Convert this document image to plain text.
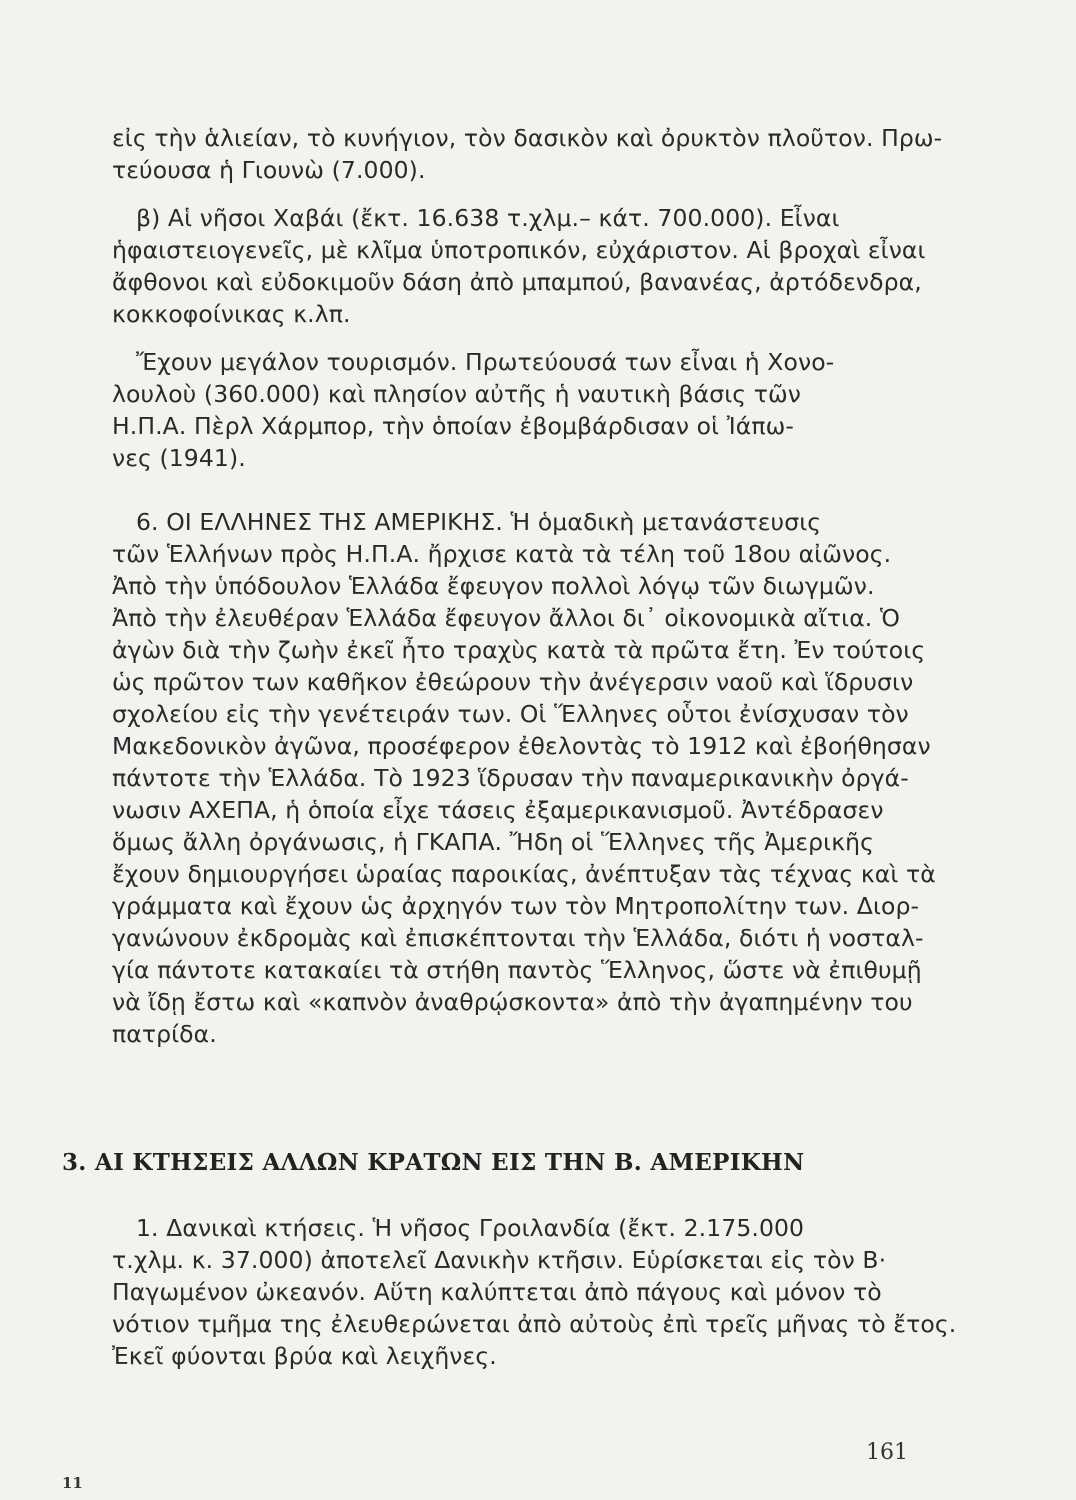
εἰς τὴν ἁλιείαν, τὸ κυνήγιον, τὸν δασικὸν καὶ ὀρυκτὸν πλοῦτον. Πρω-
τεύουσα ἡ Γιουνὼ (7.000).
β) Αἱ νῆσοι Χαβάι (ἔκτ. 16.638 τ.χλμ.– κάτ. 700.000). Εἶναι
ἡφαιστειογενεῖς, μὲ κλῖμα ὑποτροπικόν, εὐχάριστον. Αἱ βροχαὶ εἶναι
ἄφθονοι καὶ εὐδοκιμοῦν δάση ἀπὸ μπαμπού, βανανέας, ἀρτόδενδρα,
κοκκοφοίνικας κ.λπ.
Ἔχουν μεγάλον τουρισμόν. Πρωτεύουσά των εἶναι ἡ Χονο-
λουλοὺ (360.000) καὶ πλησίον αὐτῆς ἡ ναυτικὴ βάσις τῶν
Η.Π.Α. Πὲρλ Χάρμπορ, τὴν ὁποίαν ἐβομβάρδισαν οἱ Ἰάπω-
νες (1941).
6. ΟΙ ΕΛΛΗΝΕΣ ΤΗΣ ΑΜΕΡΙΚΗΣ. Ἡ ὁμαδικὴ μετανάστευσις
τῶν Ἑλλήνων πρὸς Η.Π.Α. ἤρχισε κατὰ τὰ τέλη τοῦ 18ου αἰῶνος.
Ἀπὸ τὴν ὑπόδουλον Ἑλλάδα ἔφευγον πολλοὶ λόγῳ τῶν διωγμῶν.
Ἀπὸ τὴν ἐλευθέραν Ἑλλάδα ἔφευγον ἄλλοι δι᾽ οἰκονομικὰ αἴτια. Ὁ
ἀγὼν διὰ τὴν ζωὴν ἐκεῖ ἦτο τραχὺς κατὰ τὰ πρῶτα ἔτη. Ἐν τούτοις
ὡς πρῶτον των καθῆκον ἐθεώρουν τὴν ἀνέγερσιν ναοῦ καὶ ἵδρυσιν
σχολείου εἰς τὴν γενέτειράν των. Οἱ Ἕλληνες οὗτοι ἐνίσχυσαν τὸν
Μακεδονικὸν ἀγῶνα, προσέφερον ἐθελοντὰς τὸ 1912 καὶ ἐβοήθησαν
πάντοτε τὴν Ἑλλάδα. Τὸ 1923 ἵδρυσαν τὴν παναμερικανικὴν ὀργά-
νωσιν ΑΧΕΠΑ, ἡ ὁποία εἶχε τάσεις ἐξαμερικανισμοῦ. Ἀντέδρασεν
ὅμως ἄλλη ὀργάνωσις, ἡ ΓΚΑΠΑ. Ἤδη οἱ Ἕλληνες τῆς Ἀμερικῆς
ἔχουν δημιουργήσει ὡραίας παροικίας, ἀνέπτυξαν τὰς τέχνας καὶ τὰ
γράμματα καὶ ἔχουν ὡς ἀρχηγόν των τὸν Μητροπολίτην των. Διορ-
γανώνουν ἐκδρομὰς καὶ ἐπισκέπτονται τὴν Ἑλλάδα, διότι ἡ νοσταλ-
γία πάντοτε κατακαίει τὰ στήθη παντὸς Ἕλληνος, ὥστε νὰ ἐπιθυμῇ
νὰ ἴδῃ ἔστω καὶ «καπνὸν ἀναθρῴσκοντα» ἀπὸ τὴν ἀγαπημένην του
πατρίδα.
3. ΑΙ ΚΤΗΣΕΙΣ ΑΛΛΩΝ ΚΡΑΤΩΝ ΕΙΣ ΤΗΝ Β. ΑΜΕΡΙΚΗΝ
1. Δανικαὶ κτήσεις. Ἡ νῆσος Γροιλανδία (ἔκτ. 2.175.000
τ.χλμ. κ. 37.000) ἀποτελεῖ Δανικὴν κτῆσιν. Εὑρίσκεται εἰς τὸν Β·
Παγωμένον ὠκεανόν. Αὕτη καλύπτεται ἀπὸ πάγους καὶ μόνον τὸ
νότιον τμῆμα της ἐλευθερώνεται ἀπὸ αὐτοὺς ἐπὶ τρεῖς μῆνας τὸ ἔτος.
Ἐκεῖ φύονται βρύα καὶ λειχῆνες.
161
11
